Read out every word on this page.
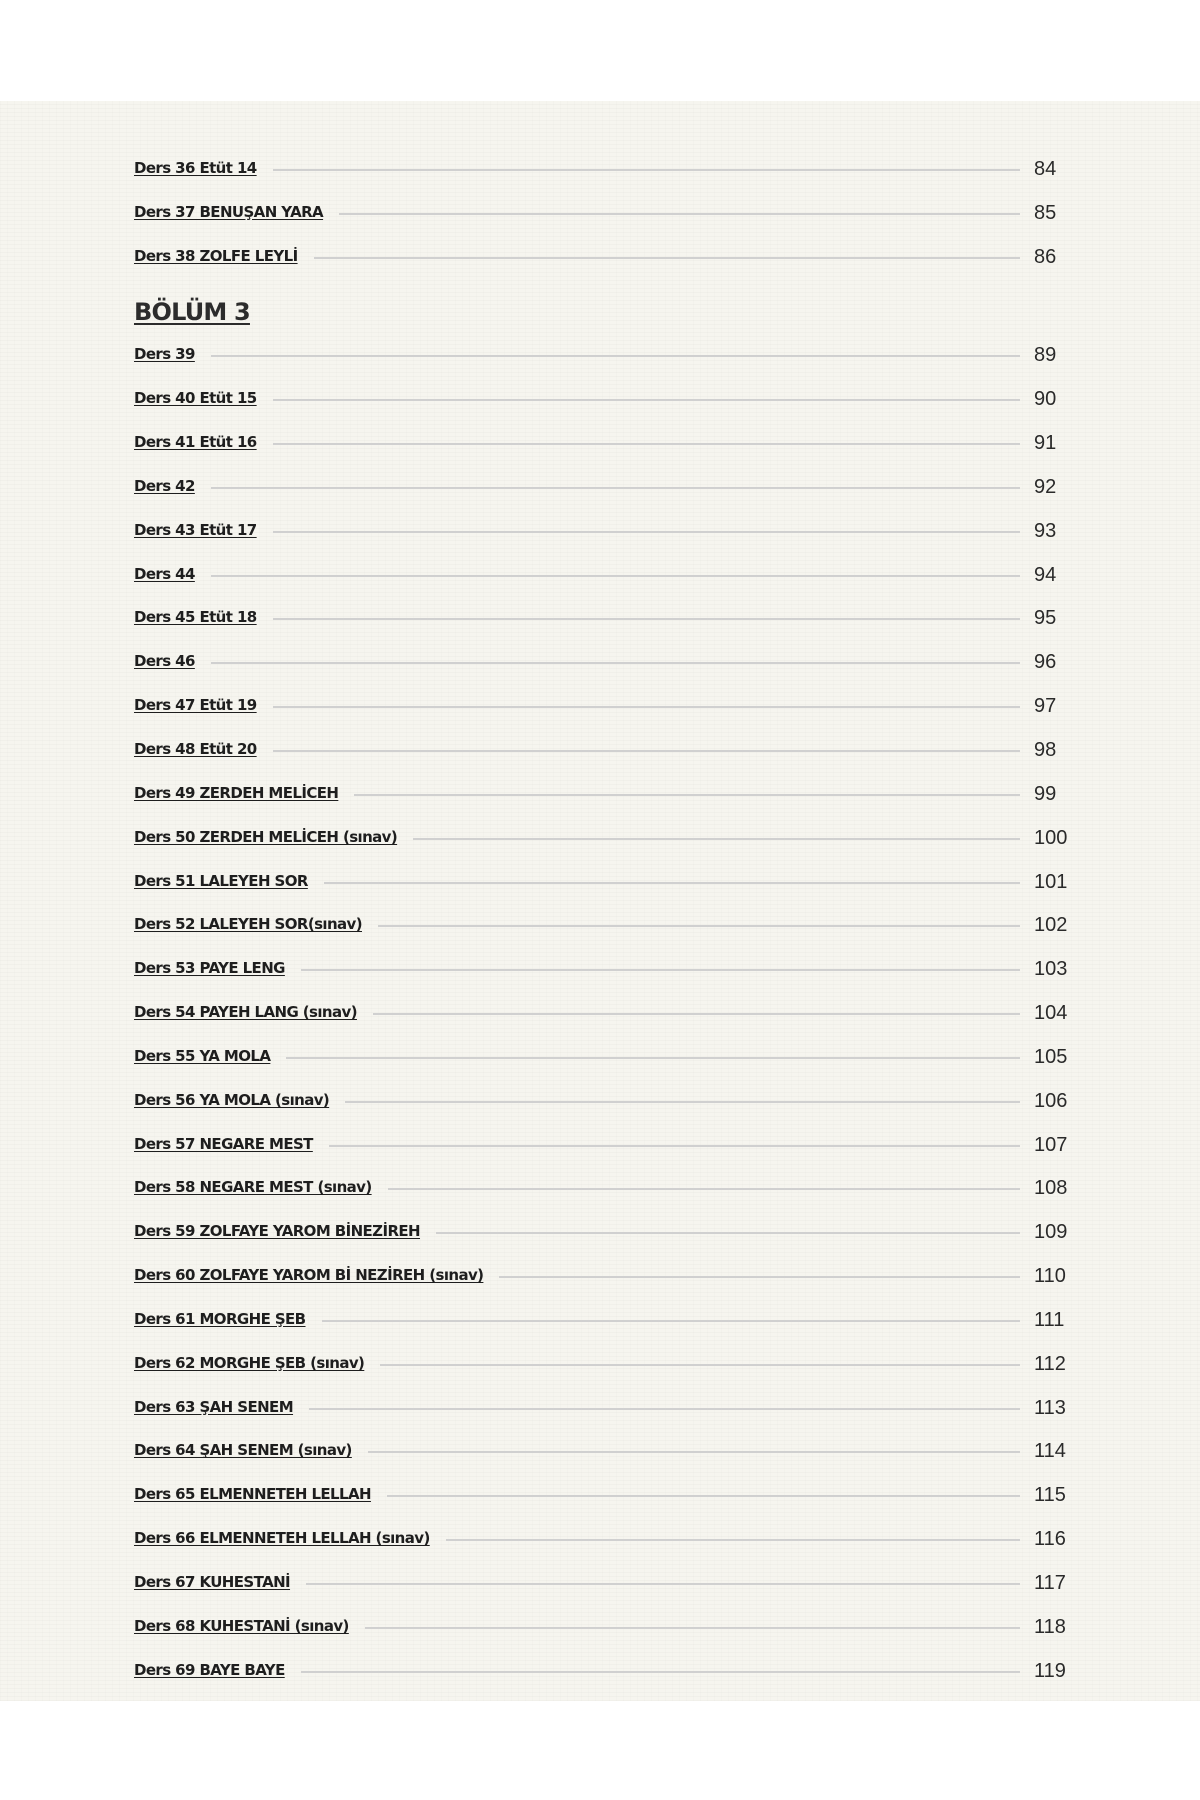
Ders 36 Etüt 14	84
Ders 37 BENUŞAN YARA	85
Ders 38 ZOLFE LEYLİ	86
BÖLÜM 3
Ders 39	89
Ders 40 Etüt 15	90
Ders 41 Etüt 16	91
Ders 42	92
Ders 43 Etüt 17	93
Ders 44	94
Ders 45 Etüt 18	95
Ders 46	96
Ders 47 Etüt 19	97
Ders 48 Etüt 20	98
Ders 49 ZERDEH MELİCEH	99
Ders 50 ZERDEH MELİCEH (sınav)	100
Ders 51 LALEYEH SOR	101
Ders 52 LALEYEH SOR(sınav)	102
Ders 53 PAYE LENG	103
Ders 54 PAYEH LANG (sınav)	104
Ders 55 YA MOLA	105
Ders 56 YA MOLA (sınav)	106
Ders 57 NEGARE MEST	107
Ders 58 NEGARE MEST (sınav)	108
Ders 59 ZOLFAYE YAROM BİNEZİREH	109
Ders 60 ZOLFAYE YAROM Bİ NEZİREH (sınav)	110
Ders 61 MORGHE ŞEB	111
Ders 62 MORGHE ŞEB (sınav)	112
Ders 63 ŞAH SENEM	113
Ders 64 ŞAH SENEM (sınav)	114
Ders 65 ELMENNETEH LELLAH	115
Ders 66 ELMENNETEH LELLAH (sınav)	116
Ders 67 KUHESTANİ	117
Ders 68 KUHESTANİ (sınav)	118
Ders 69 BAYE BAYE	119
